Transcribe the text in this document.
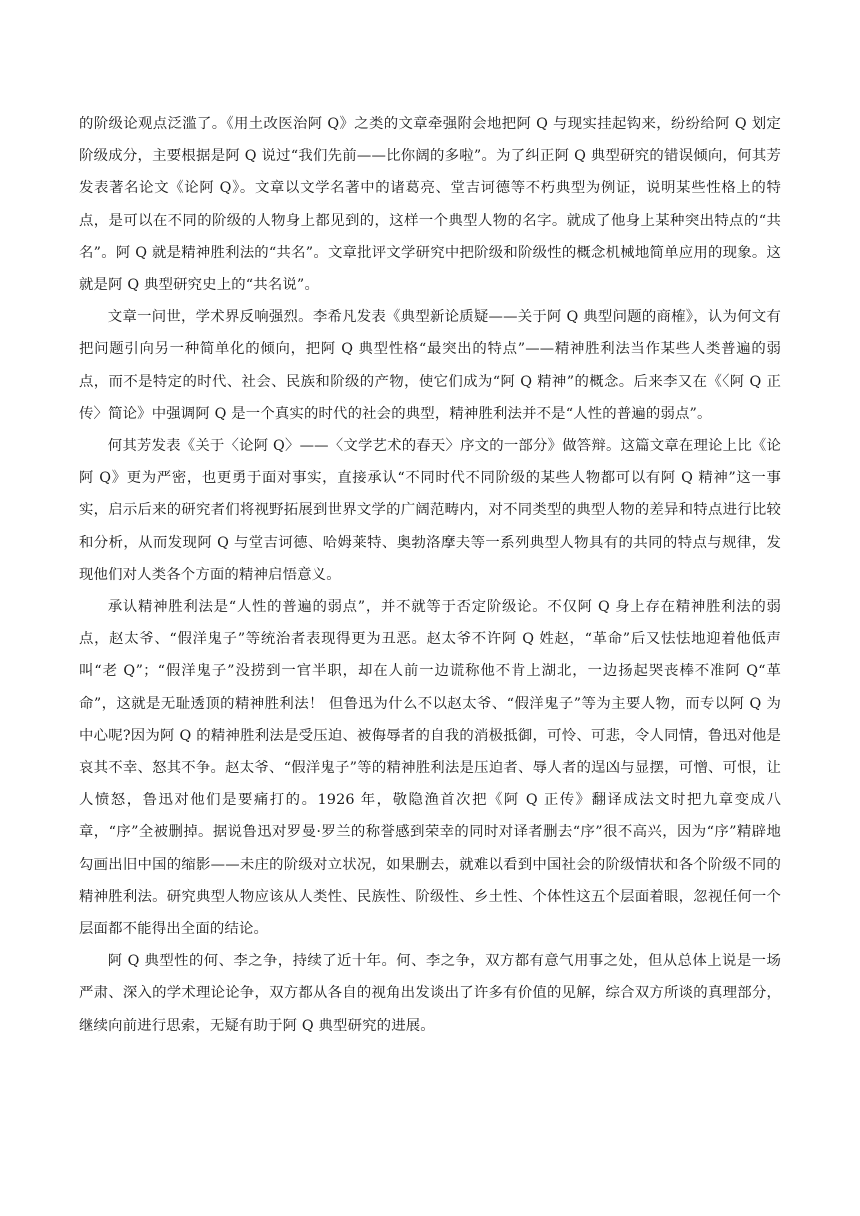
的阶级论观点泛滥了。《用土改医治阿 Q》之类的文章牵强附会地把阿 Q 与现实挂起钩来，纷纷给阿 Q 划定阶级成分，主要根据是阿 Q 说过“我们先前——比你阔的多啦”。为了纠正阿 Q 典型研究的错误倾向，何其芳发表著名论文《论阿 Q》。文章以文学名著中的诸葛亮、堂吉诃德等不朽典型为例证，说明某些性格上的特点，是可以在不同的阶级的人物身上都见到的，这样一个典型人物的名字。就成了他身上某种突出特点的“共名”。阿 Q 就是精神胜利法的“共名”。文章批评文学研究中把阶级和阶级性的概念机械地简单应用的现象。这就是阿 Q 典型研究史上的“共名说”。

文章一问世，学术界反响强烈。李希凡发表《典型新论质疑——关于阿 Q 典型问题的商榷》，认为何文有把问题引向另一种简单化的倾向，把阿 Q 典型性格“最突出的特点”——精神胜利法当作某些人类普遍的弱点，而不是特定的时代、社会、民族和阶级的产物，使它们成为“阿 Q 精神”的概念。后来李又在《〈阿 Q 正传〉简论》中强调阿 Q 是一个真实的时代的社会的典型，精神胜利法并不是“人性的普遍的弱点”。

何其芳发表《关于〈论阿 Q〉——〈文学艺术的春天〉序文的一部分》做答辩。这篇文章在理论上比《论阿 Q》更为严密，也更勇于面对事实，直接承认“不同时代不同阶级的某些人物都可以有阿 Q 精神”这一事实，启示后来的研究者们将视野拓展到世界文学的广阔范畴内，对不同类型的典型人物的差异和特点进行比较和分析，从而发现阿 Q 与堂吉诃德、哈姆莱特、奥勃洛摩夫等一系列典型人物具有的共同的特点与规律，发现他们对人类各个方面的精神启悟意义。

承认精神胜利法是“人性的普遍的弱点”，并不就等于否定阶级论。不仅阿 Q 身上存在精神胜利法的弱点，赵太爷、“假洋鬼子”等统治者表现得更为丑恶。赵太爷不许阿 Q 姓赵，“革命”后又怯怯地迎着他低声叫“老 Q”；“假洋鬼子”没捞到一官半职，却在人前一边谎称他不肯上湖北，一边扬起哭丧棒不准阿 Q“革命”，这就是无耻透顶的精神胜利法！ 但鲁迅为什么不以赵太爷、“假洋鬼子”等为主要人物，而专以阿 Q 为中心呢?因为阿 Q 的精神胜利法是受压迫、被侮辱者的自我的消极抵御，可怜、可悲，令人同情，鲁迅对他是哀其不幸、怒其不争。赵太爷、“假洋鬼子”等的精神胜利法是压迫者、辱人者的逞凶与显摆，可憎、可恨，让人愤怒，鲁迅对他们是要痛打的。1926 年，敬隐渔首次把《阿 Q 正传》翻译成法文时把九章变成八章，“序”全被删掉。据说鲁迅对罗曼·罗兰的称誉感到荣幸的同时对译者删去“序”很不高兴，因为“序”精辟地勾画出旧中国的缩影——未庄的阶级对立状况，如果删去，就难以看到中国社会的阶级情状和各个阶级不同的精神胜利法。研究典型人物应该从人类性、民族性、阶级性、乡土性、个体性这五个层面着眼，忽视任何一个层面都不能得出全面的结论。

阿 Q 典型性的何、李之争，持续了近十年。何、李之争，双方都有意气用事之处，但从总体上说是一场严肃、深入的学术理论论争，双方都从各自的视角出发谈出了许多有价值的见解，综合双方所谈的真理部分，继续向前进行思索，无疑有助于阿 Q 典型研究的进展。
